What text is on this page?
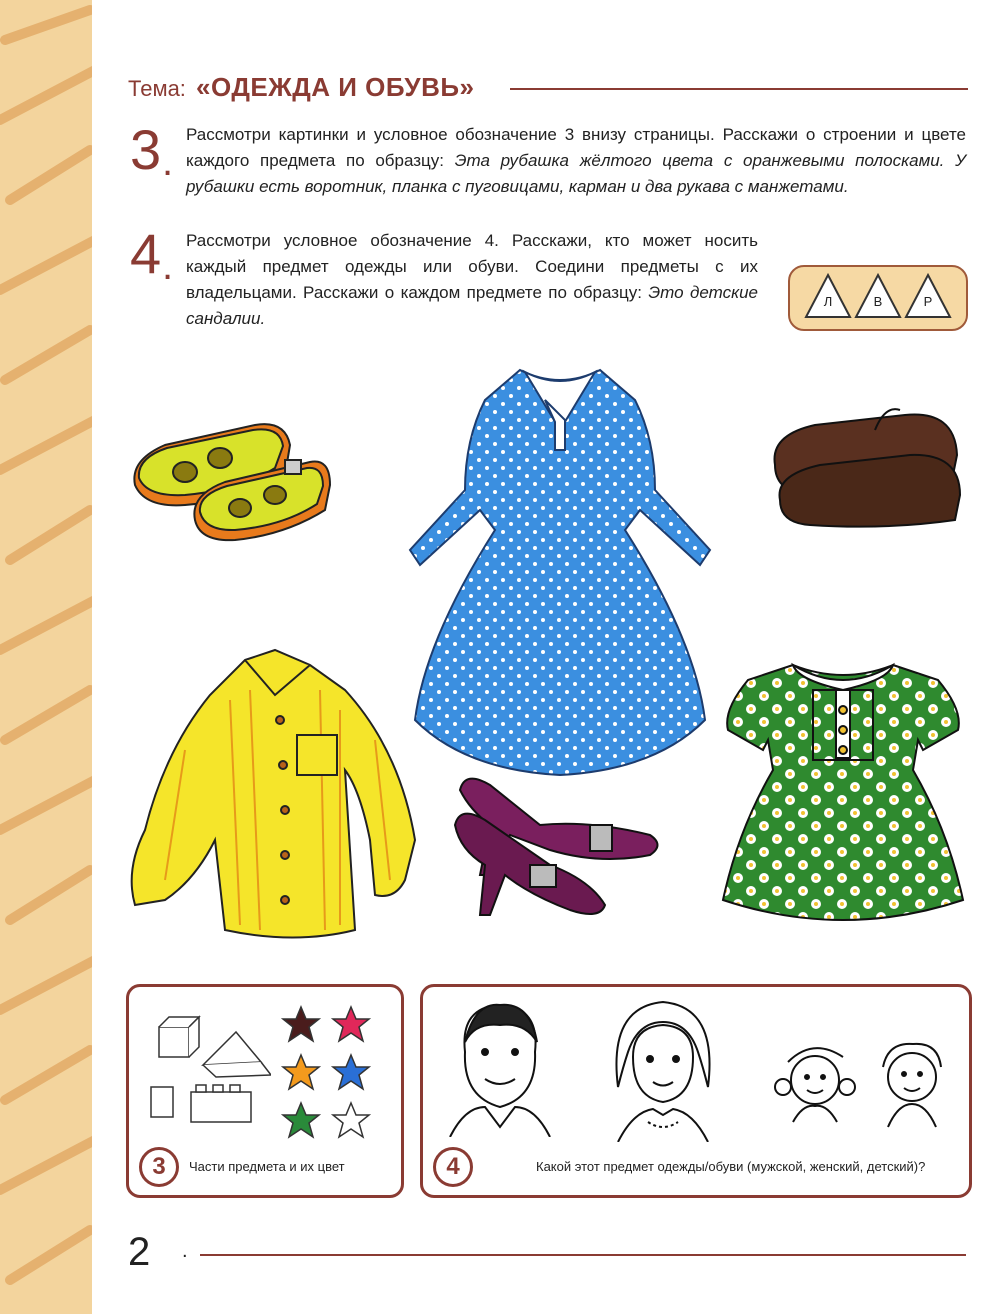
Тема: «ОДЕЖДА И ОБУВЬ»
3 .
Рассмотри картинки и условное обозначение 3 внизу страницы. Расскажи о строении и цвете каждого предмета по образцу: Эта рубашка жёлтого цвета с оранжевыми полосками. У рубашки есть воротник, планка с пуговицами, карман и два рукава с манжетами.
4 .
Рассмотри условное обозначение 4. Расскажи, кто может носить каждый предмет одежды или обуви. Соедини предметы с их владельцами. Расскажи о каждом предмете по образцу: Это детские сандалии.
Л	В	Р
3	Части предмета и их цвет	4	Какой этот предмет одежды/обуви (мужской, женский, детский)?
2 .
